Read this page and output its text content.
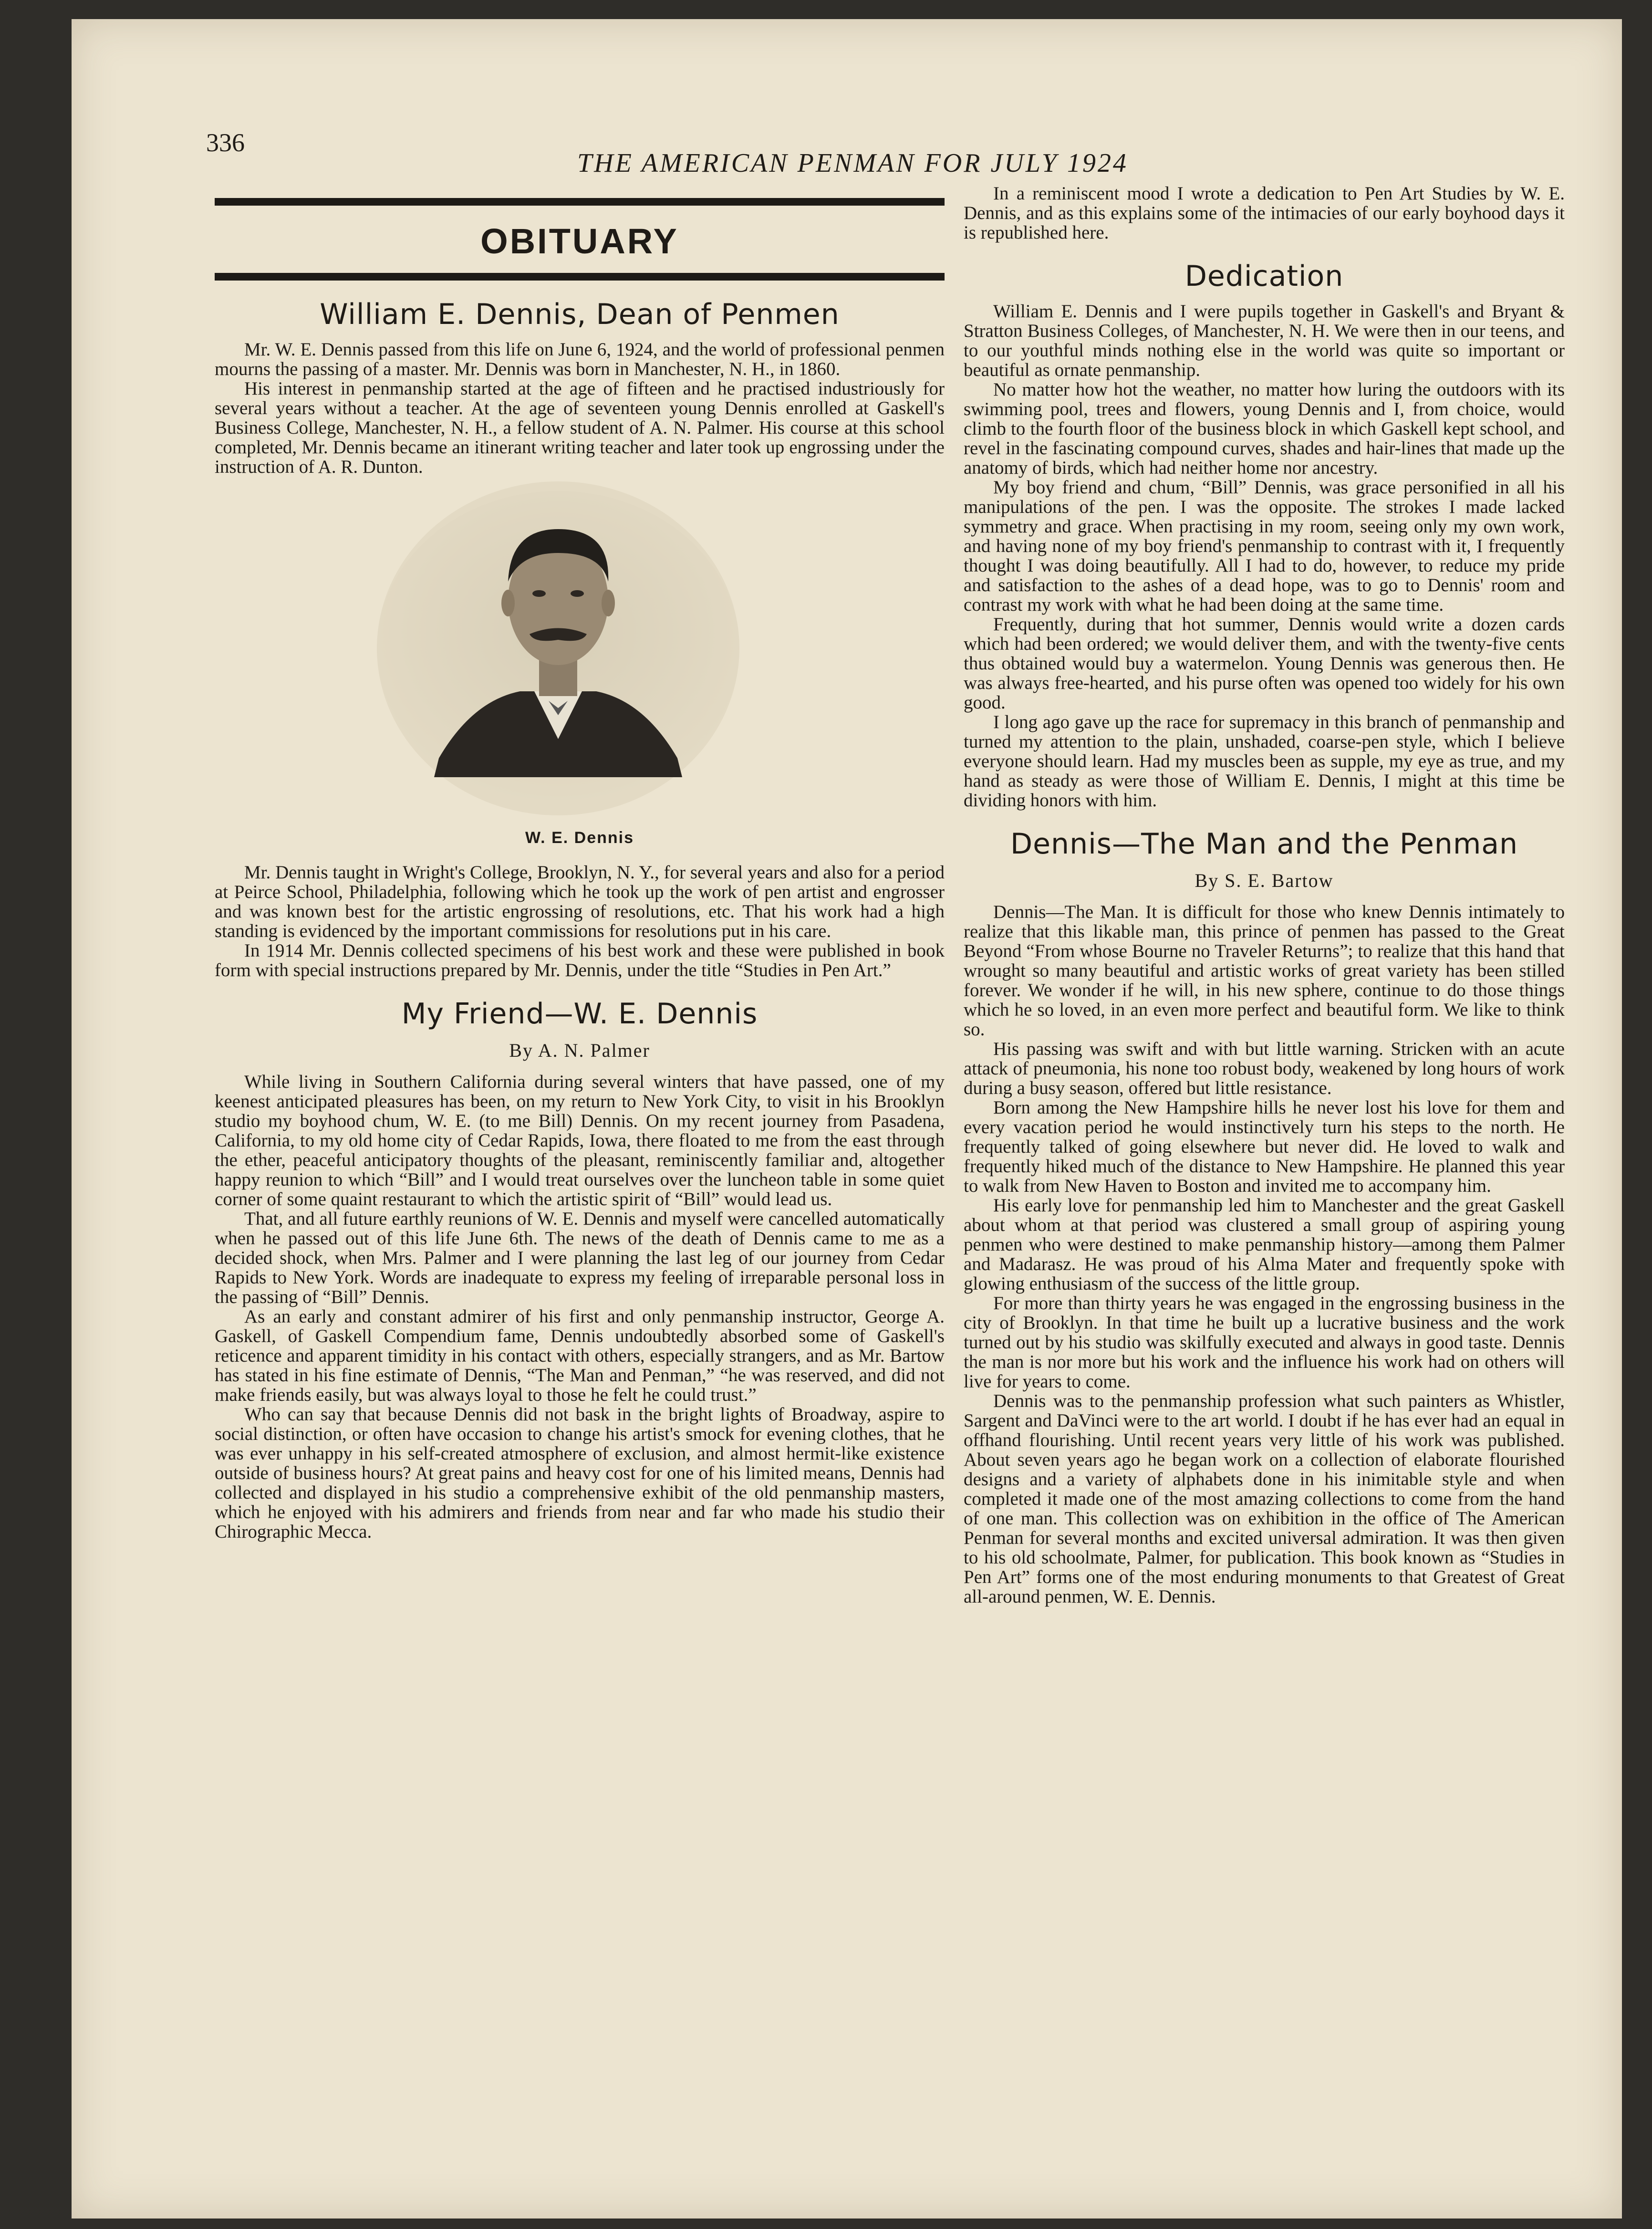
336
THE AMERICAN PENMAN FOR JULY 1924
OBITUARY
William E. Dennis, Dean of Penmen

Mr. W. E. Dennis passed from this life on June 6, 1924, and the world of professional penmen mourns the passing of a master. Mr. Dennis was born in Manchester, N. H., in 1860.

His interest in penmanship started at the age of fifteen and he practised industriously for several years without a teacher. At the age of seventeen young Dennis enrolled at Gaskell's Business College, Manchester, N. H., a fellow student of A. N. Palmer. His course at this school completed, Mr. Dennis became an itinerant writing teacher and later took up engrossing under the instruction of A. R. Dunton.

W. E. Dennis

Mr. Dennis taught in Wright's College, Brooklyn, N. Y., for several years and also for a period at Peirce School, Philadelphia, following which he took up the work of pen artist and engrosser and was known best for the artistic engrossing of resolutions, etc. That his work had a high standing is evidenced by the important commissions for resolutions put in his care.

In 1914 Mr. Dennis collected specimens of his best work and these were published in book form with special instructions prepared by Mr. Dennis, under the title “Studies in Pen Art.”

My Friend—W. E. Dennis
By A. N. Palmer

While living in Southern California during several winters that have passed, one of my keenest anticipated pleasures has been, on my return to New York City, to visit in his Brooklyn studio my boyhood chum, W. E. (to me Bill) Dennis. On my recent journey from Pasadena, California, to my old home city of Cedar Rapids, Iowa, there floated to me from the east through the ether, peaceful anticipatory thoughts of the pleasant, reminiscently familiar and, altogether happy reunion to which “Bill” and I would treat ourselves over the luncheon table in some quiet corner of some quaint restaurant to which the artistic spirit of “Bill” would lead us.

That, and all future earthly reunions of W. E. Dennis and myself were cancelled automatically when he passed out of this life June 6th. The news of the death of Dennis came to me as a decided shock, when Mrs. Palmer and I were planning the last leg of our journey from Cedar Rapids to New York. Words are inadequate to express my feeling of irreparable personal loss in the passing of “Bill” Dennis.

As an early and constant admirer of his first and only penmanship instructor, George A. Gaskell, of Gaskell Compendium fame, Dennis undoubtedly absorbed some of Gaskell's reticence and apparent timidity in his contact with others, especially strangers, and as Mr. Bartow has stated in his fine estimate of Dennis, “The Man and Penman,” “he was reserved, and did not make friends easily, but was always loyal to those he felt he could trust.”

Who can say that because Dennis did not bask in the bright lights of Broadway, aspire to social distinction, or often have occasion to change his artist's smock for evening clothes, that he was ever unhappy in his self-created atmosphere of exclusion, and almost hermit-like existence outside of business hours? At great pains and heavy cost for one of his limited means, Dennis had collected and displayed in his studio a comprehensive exhibit of the old penmanship masters, which he enjoyed with his admirers and friends from near and far who made his studio their Chirographic Mecca.

In a reminiscent mood I wrote a dedication to Pen Art Studies by W. E. Dennis, and as this explains some of the intimacies of our early boyhood days it is republished here.

Dedication

William E. Dennis and I were pupils together in Gaskell's and Bryant & Stratton Business Colleges, of Manchester, N. H. We were then in our teens, and to our youthful minds nothing else in the world was quite so important or beautiful as ornate penmanship.

No matter how hot the weather, no matter how luring the outdoors with its swimming pool, trees and flowers, young Dennis and I, from choice, would climb to the fourth floor of the business block in which Gaskell kept school, and revel in the fascinating compound curves, shades and hair-lines that made up the anatomy of birds, which had neither home nor ancestry.

My boy friend and chum, “Bill” Dennis, was grace personified in all his manipulations of the pen. I was the opposite. The strokes I made lacked symmetry and grace. When practising in my room, seeing only my own work, and having none of my boy friend's penmanship to contrast with it, I frequently thought I was doing beautifully. All I had to do, however, to reduce my pride and satisfaction to the ashes of a dead hope, was to go to Dennis' room and contrast my work with what he had been doing at the same time.

Frequently, during that hot summer, Dennis would write a dozen cards which had been ordered; we would deliver them, and with the twenty-five cents thus obtained would buy a watermelon. Young Dennis was generous then. He was always free-hearted, and his purse often was opened too widely for his own good.

I long ago gave up the race for supremacy in this branch of penmanship and turned my attention to the plain, unshaded, coarse-pen style, which I believe everyone should learn. Had my muscles been as supple, my eye as true, and my hand as steady as were those of William E. Dennis, I might at this time be dividing honors with him.

Dennis—The Man and the Penman
By S. E. Bartow

Dennis—The Man. It is difficult for those who knew Dennis intimately to realize that this likable man, this prince of penmen has passed to the Great Beyond “From whose Bourne no Traveler Returns”; to realize that this hand that wrought so many beautiful and artistic works of great variety has been stilled forever. We wonder if he will, in his new sphere, continue to do those things which he so loved, in an even more perfect and beautiful form. We like to think so.

His passing was swift and with but little warning. Stricken with an acute attack of pneumonia, his none too robust body, weakened by long hours of work during a busy season, offered but little resistance.

Born among the New Hampshire hills he never lost his love for them and every vacation period he would instinctively turn his steps to the north. He frequently talked of going elsewhere but never did. He loved to walk and frequently hiked much of the distance to New Hampshire. He planned this year to walk from New Haven to Boston and invited me to accompany him.

His early love for penmanship led him to Manchester and the great Gaskell about whom at that period was clustered a small group of aspiring young penmen who were destined to make penmanship history—among them Palmer and Madarasz. He was proud of his Alma Mater and frequently spoke with glowing enthusiasm of the success of the little group.

For more than thirty years he was engaged in the engrossing business in the city of Brooklyn. In that time he built up a lucrative business and the work turned out by his studio was skilfully executed and always in good taste. Dennis the man is nor more but his work and the influence his work had on others will live for years to come.

Dennis was to the penmanship profession what such painters as Whistler, Sargent and DaVinci were to the art world. I doubt if he has ever had an equal in offhand flourishing. Until recent years very little of his work was published. About seven years ago he began work on a collection of elaborate flourished designs and a variety of alphabets done in his inimitable style and when completed it made one of the most amazing collections to come from the hand of one man. This collection was on exhibition in the office of The American Penman for several months and excited universal admiration. It was then given to his old schoolmate, Palmer, for publication. This book known as “Studies in Pen Art” forms one of the most enduring monuments to that Greatest of Great all-around penmen, W. E. Dennis.
